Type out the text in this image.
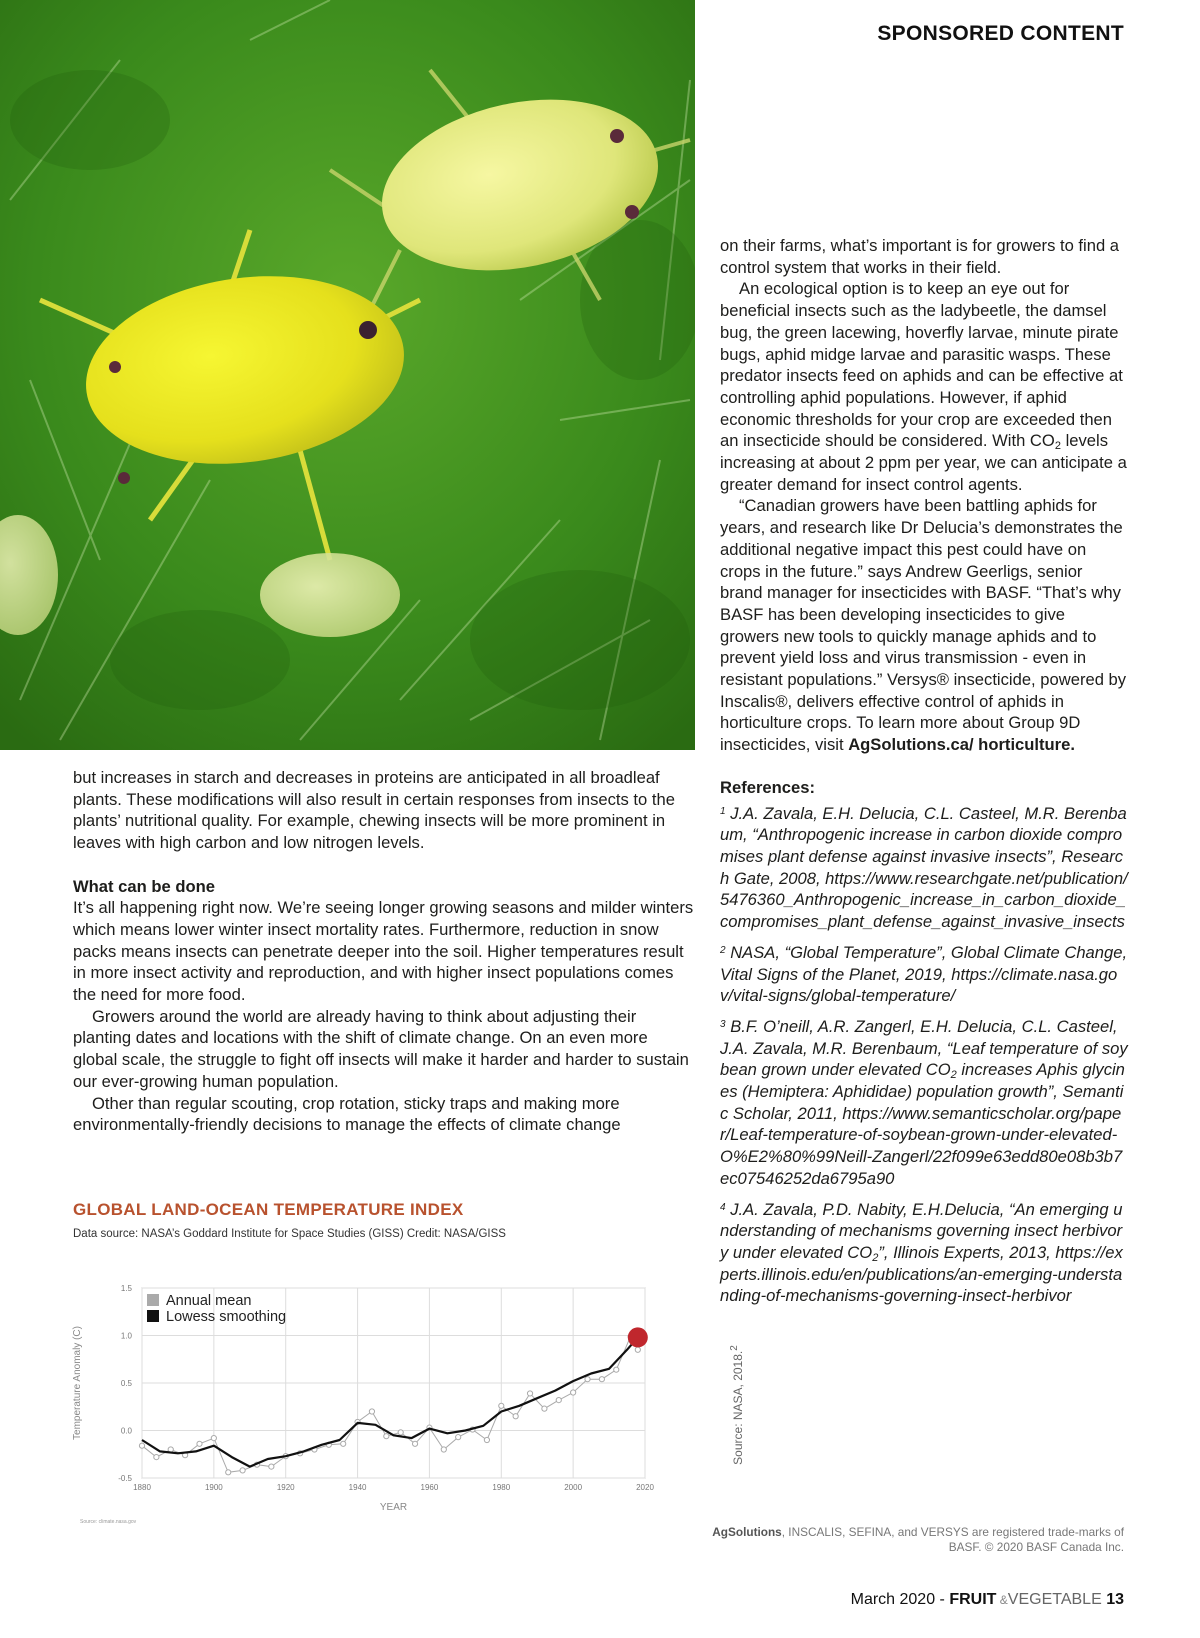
SPONSORED CONTENT

on their farms, what’s important is for growers to find a control system that works in their field.

An ecological option is to keep an eye out for beneficial insects such as the ladybeetle, the damsel bug, the green lacewing, hoverfly larvae, minute pirate bugs, aphid midge larvae and parasitic wasps. These predator insects feed on aphids and can be effective at controlling aphid populations. However, if aphid economic thresholds for your crop are exceeded then an insecticide should be considered. With $CO_2$ levels increasing at about 2 ppm per year, we can anticipate a greater demand for insect control agents.

“Canadian growers have been battling aphids for years, and research like Dr Delucia’s demonstrates the additional negative impact this pest could have on crops in the future.” says Andrew Geerligs, senior brand manager for insecticides with BASF. “That’s why BASF has been developing insecticides to give growers new tools to quickly manage aphids and to prevent yield loss and virus transmission - even in resistant populations.” Versys® insecticide, powered by Inscalis®, delivers effective control of aphids in horticulture crops. To learn more about Group 9D insecticides, visit AgSolutions.ca/ horticulture.

References:

$^1$ J.A. Zavala, E.H. Delucia, C.L. Casteel, M.R. Berenbaum, “Anthropogenic increase in carbon dioxide compromises plant defense against invasive insects”, Research Gate, 2008, https://www.researchgate.net/publication/5476360_Anthropogenic_increase_in_carbon_dioxide_compromises_plant_defense_against_invasive_insects

$^2$ NASA, “Global Temperature”, Global Climate Change, Vital Signs of the Planet, 2019, https://climate.nasa.gov/vital-signs/global-temperature/

$^3$ B.F. O’neill, A.R. Zangerl, E.H. Delucia, C.L. Casteel, J.A. Zavala, M.R. Berenbaum, “Leaf temperature of soybean grown under elevated $CO_2$ increases Aphis glycines (Hemiptera: Aphididae) population growth”, Semantic Scholar, 2011, https://www.semanticscholar.org/paper/Leaf-temperature-of-soybean-grown-under-elevated-O%E2%80%99Neill-Zangerl/22f099e63edd80e08b3b7ec07546252da6795a90

$^4$ J.A. Zavala, P.D. Nabity, E.H.Delucia, “An emerging understanding of mechanisms governing insect herbivory under elevated $CO_2$”, Illinois Experts, 2013, https://experts.illinois.edu/en/publications/an-emerging-understanding-of-mechanisms-governing-insect-herbivor

but increases in starch and decreases in proteins are anticipated in all broadleaf plants. These modifications will also result in certain responses from insects to the plants’ nutritional quality. For example, chewing insects will be more prominent in leaves with high carbon and low nitrogen levels.

What can be done

It’s all happening right now. We’re seeing longer growing seasons and milder winters which means lower winter insect mortality rates. Furthermore, reduction in snow packs means insects can penetrate deeper into the soil. Higher temperatures result in more insect activity and reproduction, and with higher insect populations comes the need for more food.

Growers around the world are already having to think about adjusting their planting dates and locations with the shift of climate change. On an even more global scale, the struggle to fight off insects will make it harder and harder to sustain our ever-growing human population.

Other than regular scouting, crop rotation, sticky traps and making more environmentally-friendly decisions to manage the effects of climate change

GLOBAL LAND-OCEAN TEMPERATURE INDEX
Data source: NASA’s Goddard Institute for Space Studies (GISS) Credit: NASA/GISS
-0.5
0.0
0.5
1.0
1.5
1880	1900	1920	1940	1960	1980	2000	2020
YEAR
Temperature Anomaly (C)
Annual mean
Lowess smoothing
Source: climate.nasa.gov
Source: NASA, 2018.$^2$
AgSolutions, INSCALIS, SEFINA, and VERSYS are registered trade-marks of BASF. © 2020 BASF Canada Inc.
March 2020 - FRUIT &VEGETABLE 13
